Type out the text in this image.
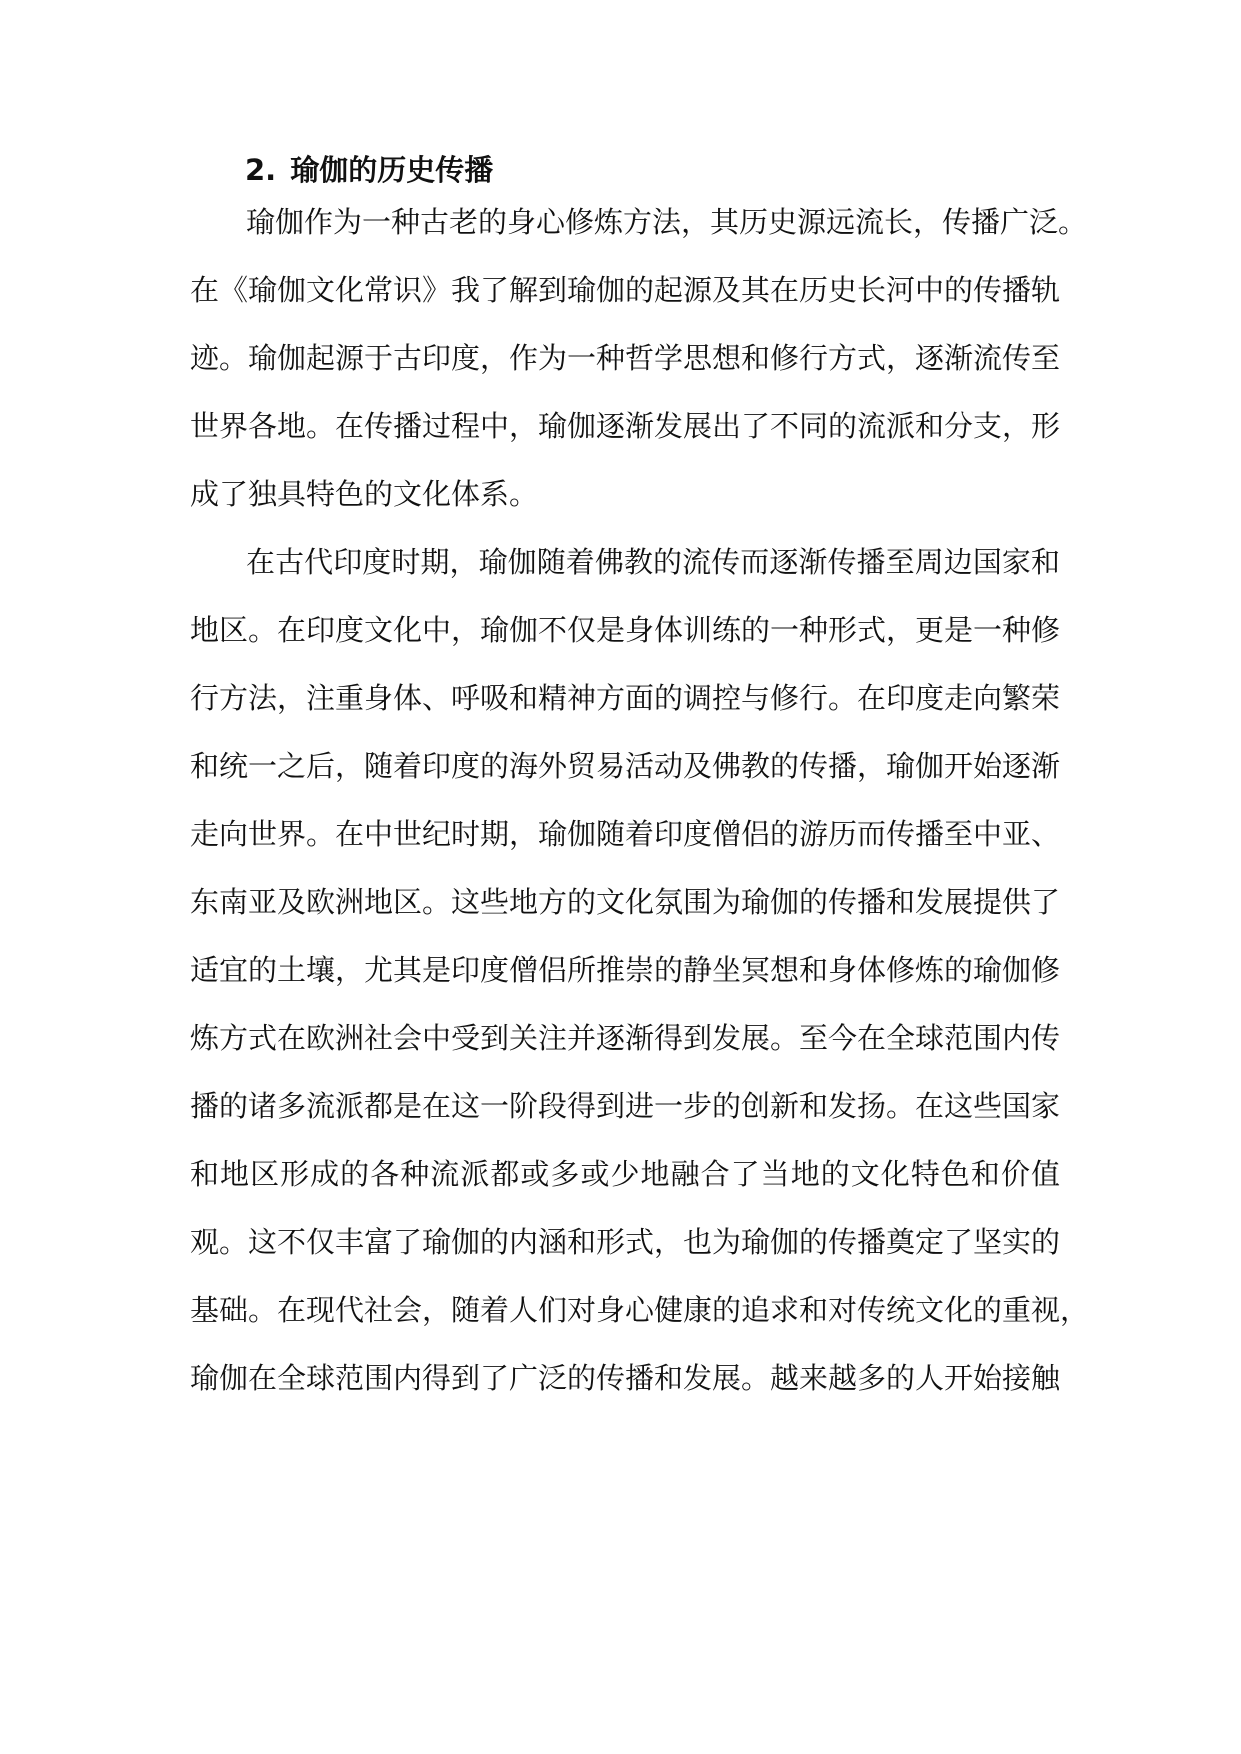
2. 瑜伽的历史传播
瑜伽作为一种古老的身心修炼方法，其历史源远流长，传播广泛。
在《瑜伽文化常识》我了解到瑜伽的起源及其在历史长河中的传播轨
迹。瑜伽起源于古印度，作为一种哲学思想和修行方式，逐渐流传至
世界各地。在传播过程中，瑜伽逐渐发展出了不同的流派和分支，形
成了独具特色的文化体系。
在古代印度时期，瑜伽随着佛教的流传而逐渐传播至周边国家和
地区。在印度文化中，瑜伽不仅是身体训练的一种形式，更是一种修
行方法，注重身体、呼吸和精神方面的调控与修行。在印度走向繁荣
和统一之后，随着印度的海外贸易活动及佛教的传播，瑜伽开始逐渐
走向世界。在中世纪时期，瑜伽随着印度僧侣的游历而传播至中亚、
东南亚及欧洲地区。这些地方的文化氛围为瑜伽的传播和发展提供了
适宜的土壤，尤其是印度僧侣所推崇的静坐冥想和身体修炼的瑜伽修
炼方式在欧洲社会中受到关注并逐渐得到发展。至今在全球范围内传
播的诸多流派都是在这一阶段得到进一步的创新和发扬。在这些国家
和地区形成的各种流派都或多或少地融合了当地的文化特色和价值
观。这不仅丰富了瑜伽的内涵和形式，也为瑜伽的传播奠定了坚实的
基础。在现代社会，随着人们对身心健康的追求和对传统文化的重视，
瑜伽在全球范围内得到了广泛的传播和发展。越来越多的人开始接触
